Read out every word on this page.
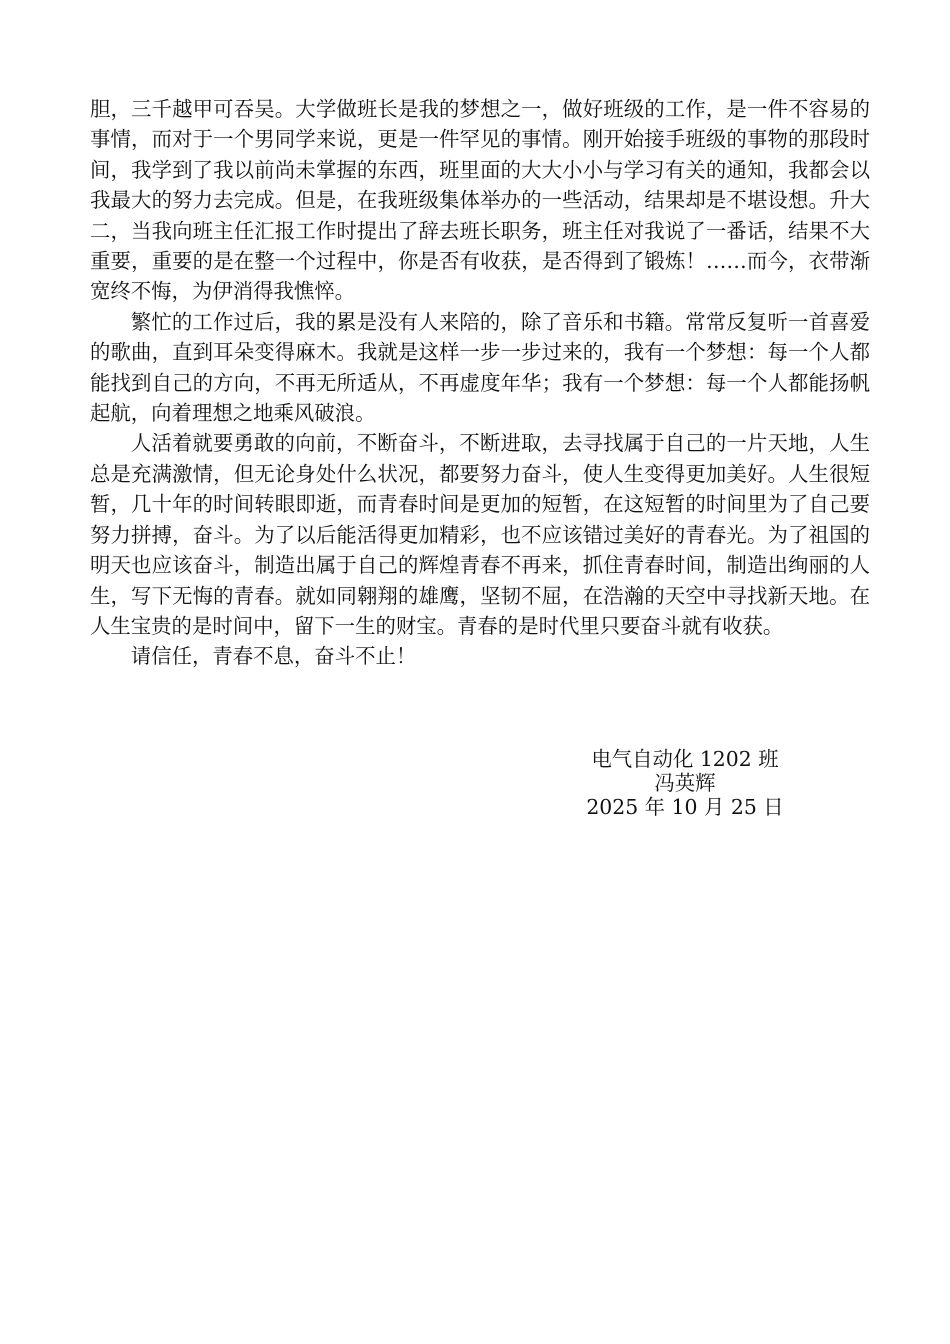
胆，三千越甲可吞吴。大学做班长是我的梦想之一，做好班级的工作，是一件不容易的事情，而对于一个男同学来说，更是一件罕见的事情。刚开始接手班级的事物的那段时间，我学到了我以前尚未掌握的东西，班里面的大大小小与学习有关的通知，我都会以我最大的努力去完成。但是，在我班级集体举办的一些活动，结果却是不堪设想。升大二，当我向班主任汇报工作时提出了辞去班长职务，班主任对我说了一番话，结果不大重要，重要的是在整一个过程中，你是否有收获，是否得到了锻炼！……而今，衣带渐宽终不悔，为伊消得我憔悴。

繁忙的工作过后，我的累是没有人来陪的，除了音乐和书籍。常常反复听一首喜爱的歌曲，直到耳朵变得麻木。我就是这样一步一步过来的，我有一个梦想：每一个人都能找到自己的方向，不再无所适从，不再虚度年华；我有一个梦想：每一个人都能扬帆起航，向着理想之地乘风破浪。

人活着就要勇敢的向前，不断奋斗，不断进取，去寻找属于自己的一片天地，人生总是充满激情，但无论身处什么状况，都要努力奋斗，使人生变得更加美好。人生很短暂，几十年的时间转眼即逝，而青春时间是更加的短暂，在这短暂的时间里为了自己要努力拼搏，奋斗。为了以后能活得更加精彩，也不应该错过美好的青春光。为了祖国的明天也应该奋斗，制造出属于自己的辉煌青春不再来，抓住青春时间，制造出绚丽的人生，写下无悔的青春。就如同翱翔的雄鹰，坚韧不屈，在浩瀚的天空中寻找新天地。在人生宝贵的是时间中，留下一生的财宝。青春的是时代里只要奋斗就有收获。

请信任，青春不息，奋斗不止！

电气自动化 1202 班
冯英辉
2025 年 10 月 25 日
